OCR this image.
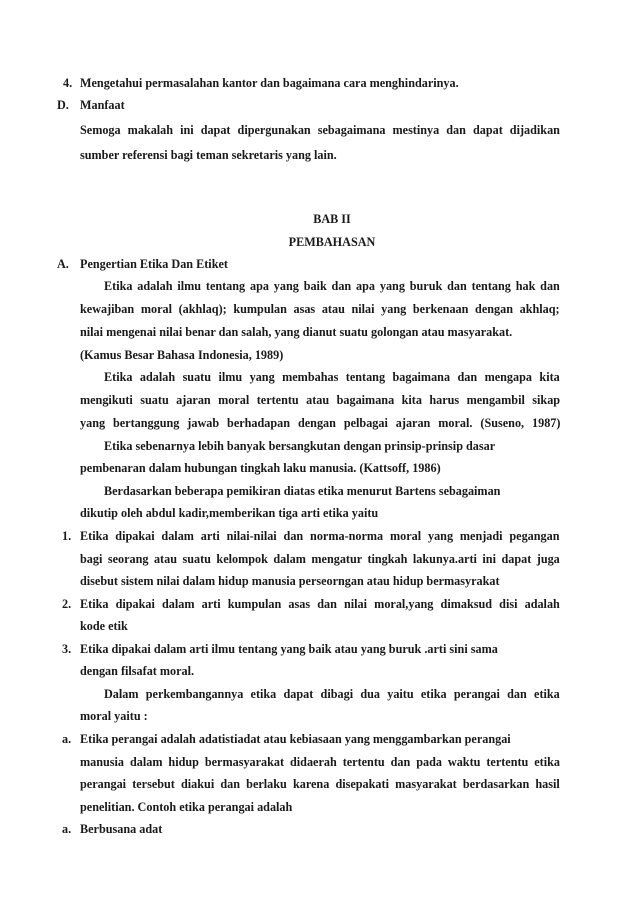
4. Mengetahui permasalahan kantor dan bagaimana cara menghindarinya.
D. Manfaat
Semoga makalah ini dapat dipergunakan sebagaimana mestinya dan dapat dijadikan
sumber referensi bagi teman sekretaris yang lain.
BAB II
PEMBAHASAN
A. Pengertian Etika Dan Etiket
Etika adalah ilmu tentang apa yang baik dan apa yang buruk dan tentang hak dan
kewajiban moral (akhlaq); kumpulan asas atau nilai yang berkenaan dengan akhlaq;
nilai mengenai nilai benar dan salah, yang dianut suatu golongan atau masyarakat.
(Kamus Besar Bahasa Indonesia, 1989)
Etika adalah suatu ilmu yang membahas tentang bagaimana dan mengapa kita
mengikuti suatu ajaran moral tertentu atau bagaimana kita harus mengambil sikap
yang bertanggung jawab berhadapan dengan pelbagai ajaran moral. (Suseno, 1987)
Etika sebenarnya lebih banyak bersangkutan dengan prinsip-prinsip dasar
pembenaran dalam hubungan tingkah laku manusia. (Kattsoff, 1986)
Berdasarkan beberapa pemikiran diatas etika menurut Bartens sebagaiman
dikutip oleh abdul kadir,memberikan tiga arti etika yaitu
1. Etika dipakai dalam arti nilai-nilai dan norma-norma moral yang menjadi pegangan
bagi seorang atau suatu kelompok dalam mengatur tingkah lakunya.arti ini dapat juga
disebut sistem nilai dalam hidup manusia perseorngan atau hidup bermasyrakat
2. Etika dipakai dalam arti kumpulan asas dan nilai moral,yang dimaksud disi adalah
kode etik
3. Etika dipakai dalam arti ilmu tentang yang baik atau yang buruk .arti sini sama
dengan filsafat moral.
Dalam perkembangannya etika dapat dibagi dua yaitu etika perangai dan etika
moral yaitu :
a. Etika perangai adalah adatistiadat atau kebiasaan yang menggambarkan perangai
manusia dalam hidup bermasyarakat didaerah tertentu dan pada waktu tertentu etika
perangai tersebut diakui dan berlaku karena disepakati masyarakat berdasarkan hasil
penelitian. Contoh etika perangai adalah
a. Berbusana adat
